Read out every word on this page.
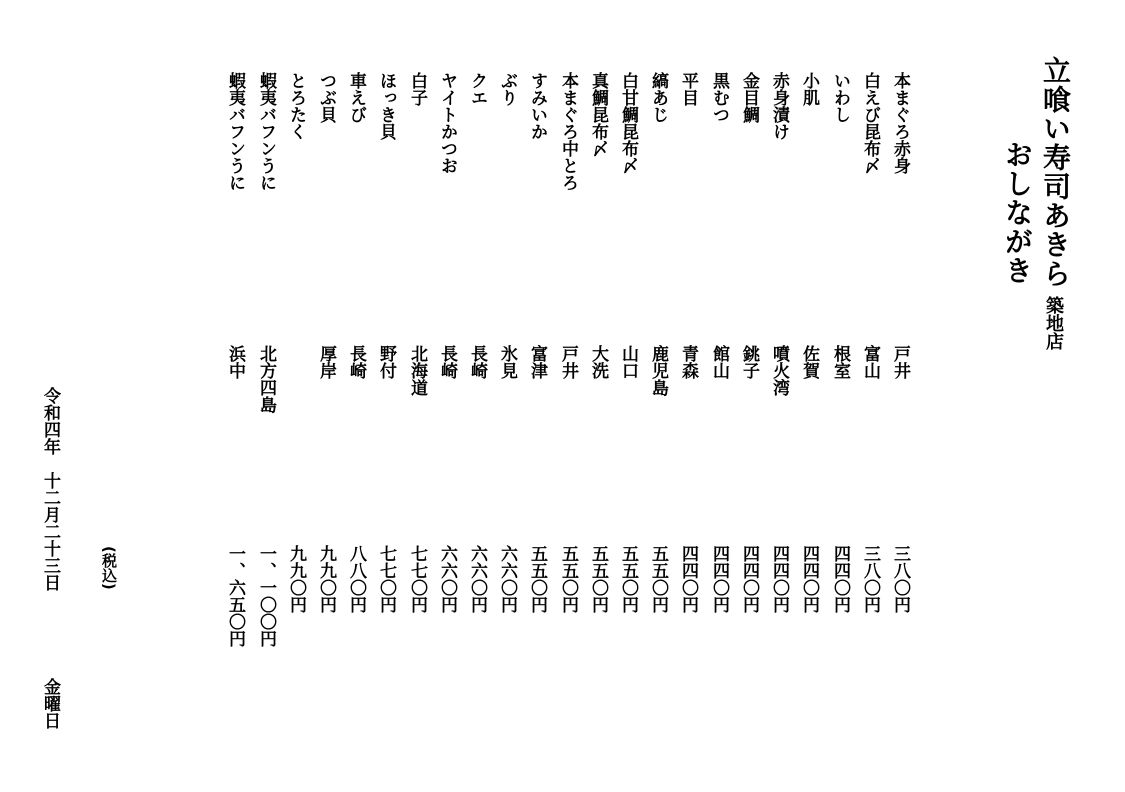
立喰い寿司あきら
築地店
おしながき
本まぐろ赤身
戸井
三八〇円
白えび昆布〆
富山
三八〇円
いわし
根室
四四〇円
小肌
佐賀
四四〇円
赤身漬け
噴火湾
四四〇円
金目鯛
銚子
四四〇円
黒むつ
館山
四四〇円
平目
青森
四四〇円
縞あじ
鹿児島
五五〇円
白甘鯛昆布〆
山口
五五〇円
真鯛昆布〆
大洗
五五〇円
本まぐろ中とろ
戸井
五五〇円
すみいか
富津
五五〇円
ぶり
氷見
六六〇円
クエ
長崎
六六〇円
ヤイトかつお
長崎
六六〇円
白子
北海道
七七〇円
ほっき貝
野付
七七〇円
車えび
長崎
八八〇円
つぶ貝
厚岸
九九〇円
とろたく
九九〇円
蝦夷バフンうに
北方四島
一、一〇〇円
蝦夷バフンうに
浜中
一、六五〇円
(税込)
令和四年　十二月二十三日
金曜日
